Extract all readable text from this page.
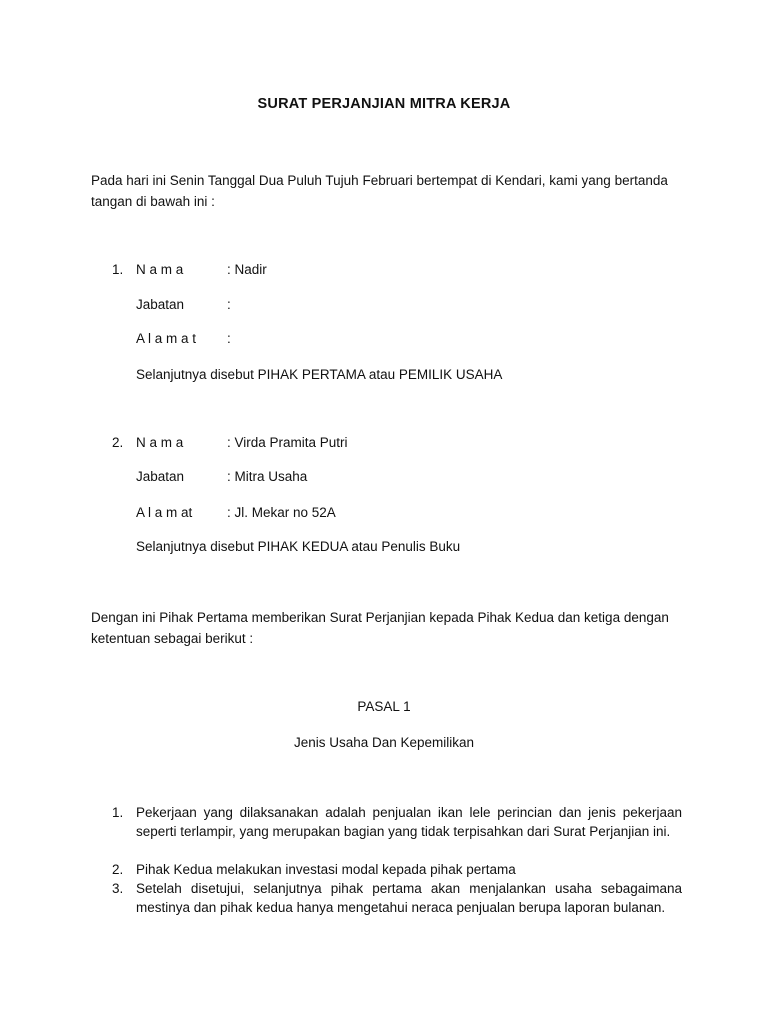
SURAT PERJANJIAN MITRA KERJA
Pada hari ini Senin Tanggal Dua Puluh Tujuh Februari bertempat di Kendari, kami yang bertanda tangan di bawah ini :
1. N a m a	: Nadir
Jabatan	:
A l a m a t :
Selanjutnya disebut PIHAK PERTAMA atau PEMILIK USAHA
2. N a m a	: Virda Pramita Putri
Jabatan	: Mitra Usaha
A l a m at	: Jl. Mekar no 52A
Selanjutnya disebut PIHAK KEDUA atau Penulis Buku
Dengan ini Pihak Pertama memberikan Surat Perjanjian kepada Pihak Kedua dan ketiga dengan ketentuan sebagai berikut :
PASAL 1
Jenis Usaha Dan Kepemilikan
1. Pekerjaan yang dilaksanakan adalah penjualan ikan lele perincian dan jenis pekerjaan seperti terlampir, yang merupakan bagian yang tidak terpisahkan dari Surat Perjanjian ini.
2. Pihak Kedua melakukan investasi modal kepada pihak pertama
3. Setelah disetujui, selanjutnya pihak pertama akan menjalankan usaha sebagaimana mestinya dan pihak kedua hanya mengetahui neraca penjualan berupa laporan bulanan.
